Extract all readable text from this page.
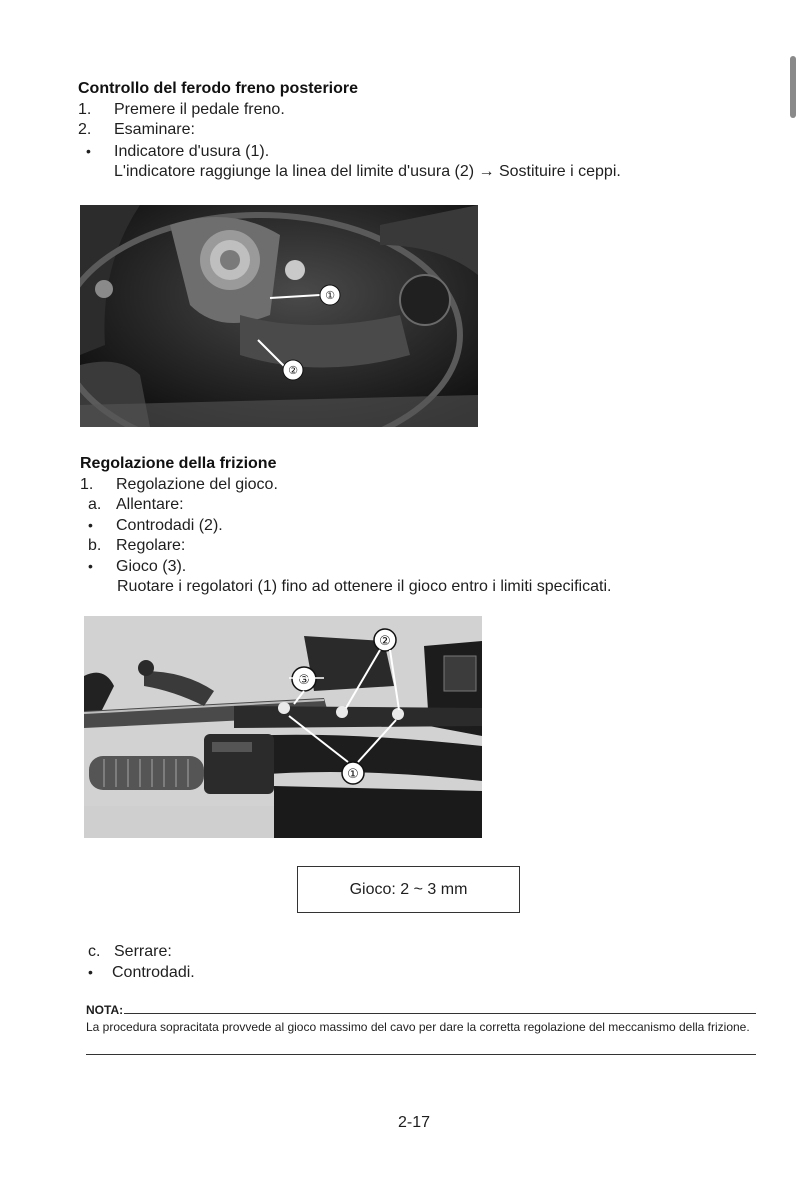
Controllo del ferodo freno posteriore
1. Premere il pedale freno.
2. Esaminare:
• Indicatore d'usura (1).
L'indicatore raggiunge la linea del limite d'usura (2) → Sostituire i ceppi.
①
②
Regolazione della frizione
1. Regolazione del gioco.
a. Allentare:
• Controdadi (2).
b. Regolare:
• Gioco (3).
Ruotare i regolatori (1) fino ad ottenere il gioco entro i limiti specificati.
③
②
①
Gioco: 2 ~ 3 mm
c. Serrare:
• Controdadi.
NOTA:
La procedura sopracitata provvede al gioco massimo del cavo per dare la corretta regolazione del meccanismo della frizione.
2-17
